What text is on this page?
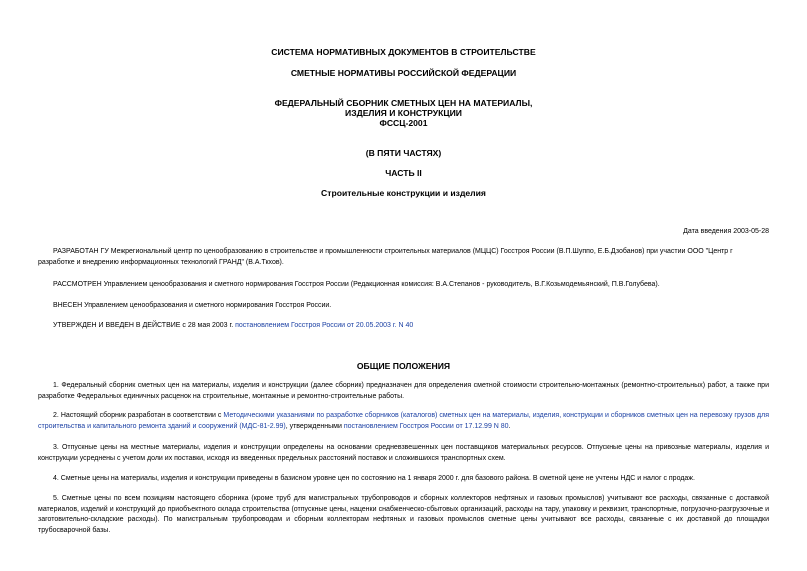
СИСТЕМА НОРМАТИВНЫХ ДОКУМЕНТОВ В СТРОИТЕЛЬСТВЕ

СМЕТНЫЕ НОРМАТИВЫ РОССИЙСКОЙ ФЕДЕРАЦИИ

ФЕДЕРАЛЬНЫЙ СБОРНИК СМЕТНЫХ ЦЕН НА МАТЕРИАЛЫ,

ИЗДЕЛИЯ И КОНСТРУКЦИИ

ФССЦ-2001

(В ПЯТИ ЧАСТЯХ)

ЧАСТЬ II

Строительные конструкции и изделия

Дата введения 2003-05-28

РАЗРАБОТАН ГУ Межрегиональный центр по ценообразованию в строительстве и промышленности строительных материалов (МЦЦС) Госстроя России (В.П.Шуппо, Е.Б.Дзобанов) при участии ООО "Центр г разработке и внедрению информационных технологий ГРАНД" (В.А.Ткхов).

РАССМОТРЕН Управлением ценообразования и сметного нормирования Госстроя России (Редакционная комиссия: В.А.Степанов - руководитель, В.Г.Козьмодемьянский, П.В.Голубева).

ВНЕСЕН Управлением ценообразования и сметного нормирования Госстроя России.

УТВЕРЖДЕН И ВВЕДЕН В ДЕЙСТВИЕ с 28 мая 2003 г. постановлением Госстроя России от 20.05.2003 г. N 40

ОБЩИЕ ПОЛОЖЕНИЯ

1. Федеральный сборник сметных цен на материалы, изделия и конструкции (далее сборник) предназначен для определения сметной стоимости строительно-монтажных (ремонтно-строительных) работ, а также при разработке Федеральных единичных расценок на строительные, монтажные и ремонтно-строительные работы.

2. Настоящий сборник разработан в соответствии с Методическими указаниями по разработке сборников (каталогов) сметных цен на материалы, изделия, конструкции и сборников сметных цен на перевозку грузов для строительства и капитального ремонта зданий и сооружений (МДС-81-2.99), утвержденными постановлением Госстроя России от 17.12.99 N 80.

3. Отпускные цены на местные материалы, изделия и конструкции определены на основании средневзвешенных цен поставщиков материальных ресурсов. Отпускные цены на привозные материалы, изделия и конструкции усреднены с учетом доли их поставки, исходя из введенных предельных расстояний поставок и сложившихся транспортных схем.

4. Сметные цены на материалы, изделия и конструкции приведены в базисном уровне цен по состоянию на 1 января 2000 г. для базового района. В сметной цене не учтены НДС и налог с продаж.

5. Сметные цены по всем позициям настоящего сборника (кроме труб для магистральных трубопроводов и сборных коллекторов нефтяных и газовых промыслов) учитывают все расходы, связанные с доставкой материалов, изделий и конструкций до приобъектного склада строительства (отпускные цены, наценки снабженческо-сбытовых организаций, расходы на тару, упаковку и реквизит, транспортные, погрузочно-разгрузочные и заготовительно-складские расходы). По магистральным трубопроводам и сборным коллекторам нефтяных и газовых промыслов сметные цены учитывают все расходы, связанные с их доставкой до площадки трубосварочной базы.
